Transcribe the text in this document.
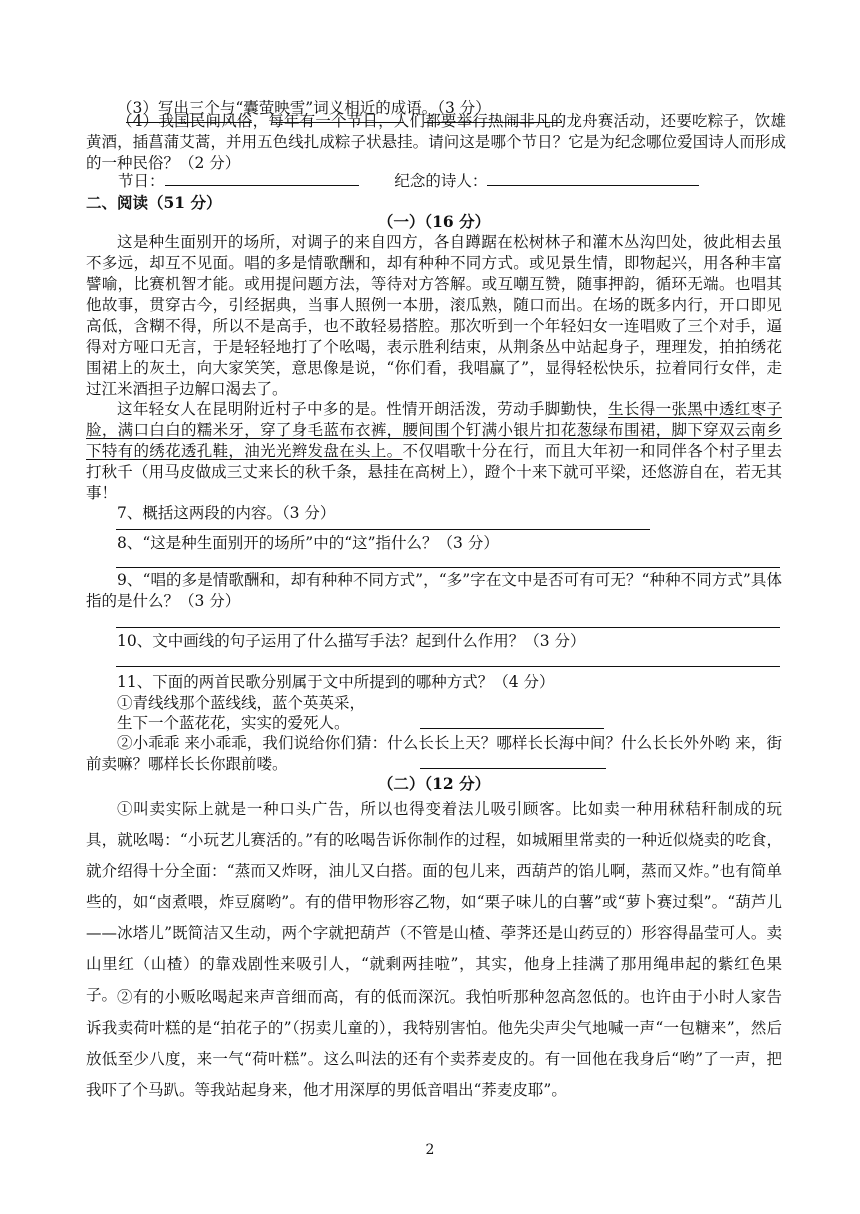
（3）写出三个与“囊萤映雪”词义相近的成语。（3 分）

（4）我国民间风俗，每年有一个节日，人们都要举行热闹非凡的龙舟赛活动，还要吃粽子，饮雄黄酒，插菖蒲艾蒿，并用五色线扎成粽子状悬挂。请问这是哪个节日？它是为纪念哪位爱国诗人而形成的一种民俗？（2 分）

节日：	纪念的诗人：

二、阅读（51 分）

（一）（16 分）

这是种生面别开的场所，对调子的来自四方，各自蹲踞在松树林子和灌木丛沟凹处，彼此相去虽不多远，却互不见面。唱的多是情歌酬和，却有种种不同方式。或见景生情，即物起兴，用各种丰富譬喻，比赛机智才能。或用提问题方法，等待对方答解。或互嘲互赞，随事押韵，循环无端。也唱其他故事，贯穿古今，引经据典，当事人照例一本册，滚瓜熟，随口而出。在场的既多内行，开口即见高低，含糊不得，所以不是高手，也不敢轻易搭腔。那次听到一个年轻妇女一连唱败了三个对手，逼得对方哑口无言，于是轻轻地打了个吆喝，表示胜利结束，从荆条丛中站起身子，理理发，拍拍绣花围裙上的灰土，向大家笑笑，意思像是说，“你们看，我唱赢了”，显得轻松快乐，拉着同行女伴，走过江米酒担子边解口渴去了。

这年轻女人在昆明附近村子中多的是。性情开朗活泼，劳动手脚勤快，生长得一张黑中透红枣子脸，满口白白的糯米牙，穿了身毛蓝布衣裤，腰间围个钉满小银片扣花葱绿布围裙，脚下穿双云南乡下特有的绣花透孔鞋，油光光辫发盘在头上。不仅唱歌十分在行，而且大年初一和同伴各个村子里去打秋千（用马皮做成三丈来长的秋千条，悬挂在高树上），蹬个十来下就可平梁，还悠游自在，若无其事！

7、概括这两段的内容。（3 分）

8、“这是种生面别开的场所”中的“这”指什么？（3 分）

9、“唱的多是情歌酬和，却有种种不同方式”，“多”字在文中是否可有可无？“种种不同方式”具体指的是什么？（3 分）

10、文中画线的句子运用了什么描写手法？起到什么作用？（3 分）

11、下面的两首民歌分别属于文中所提到的哪种方式？（4 分）

①青线线那个蓝线线，蓝个英英采，

生下一个蓝花花，实实的爱死人。

②小乖乖 来小乖乖，我们说给你们猜：什么长长上天？哪样长长海中间？什么长长外外哟 来，街前卖嘛？哪样长长你跟前喽。

（二）（12 分）

①叫卖实际上就是一种口头广告，所以也得变着法儿吸引顾客。比如卖一种用秫秸秆制成的玩具，就吆喝：“小玩艺儿赛活的。”有的吆喝告诉你制作的过程，如城厢里常卖的一种近似烧卖的吃食，就介绍得十分全面：“蒸而又炸呀，油儿又白搭。面的包儿来，西葫芦的馅儿啊，蒸而又炸。”也有简单些的，如“卤煮喂，炸豆腐哟”。有的借甲物形容乙物，如“栗子味儿的白薯”或“萝卜赛过梨”。“葫芦儿——冰塔儿”既简洁又生动，两个字就把葫芦（不管是山楂、荸荠还是山药豆的）形容得晶莹可人。卖山里红（山楂）的靠戏剧性来吸引人，“就剩两挂啦”，其实，他身上挂满了那用绳串起的紫红色果子。 ②有的小贩吆喝起来声音细而高，有的低而深沉。我怕听那种忽高忽低的。也许由于小时人家告诉我卖荷叶糕的是“拍花子的”（拐卖儿童的），我特别害怕。他先尖声尖气地喊一声“一包糖来”，然后放低至少八度，来一气“荷叶糕”。这么叫法的还有个卖荞麦皮的。有一回他在我身后“哟”了一声，把我吓了个马趴。等我站起身来，他才用深厚的男低音唱出“荞麦皮耶”。

2
